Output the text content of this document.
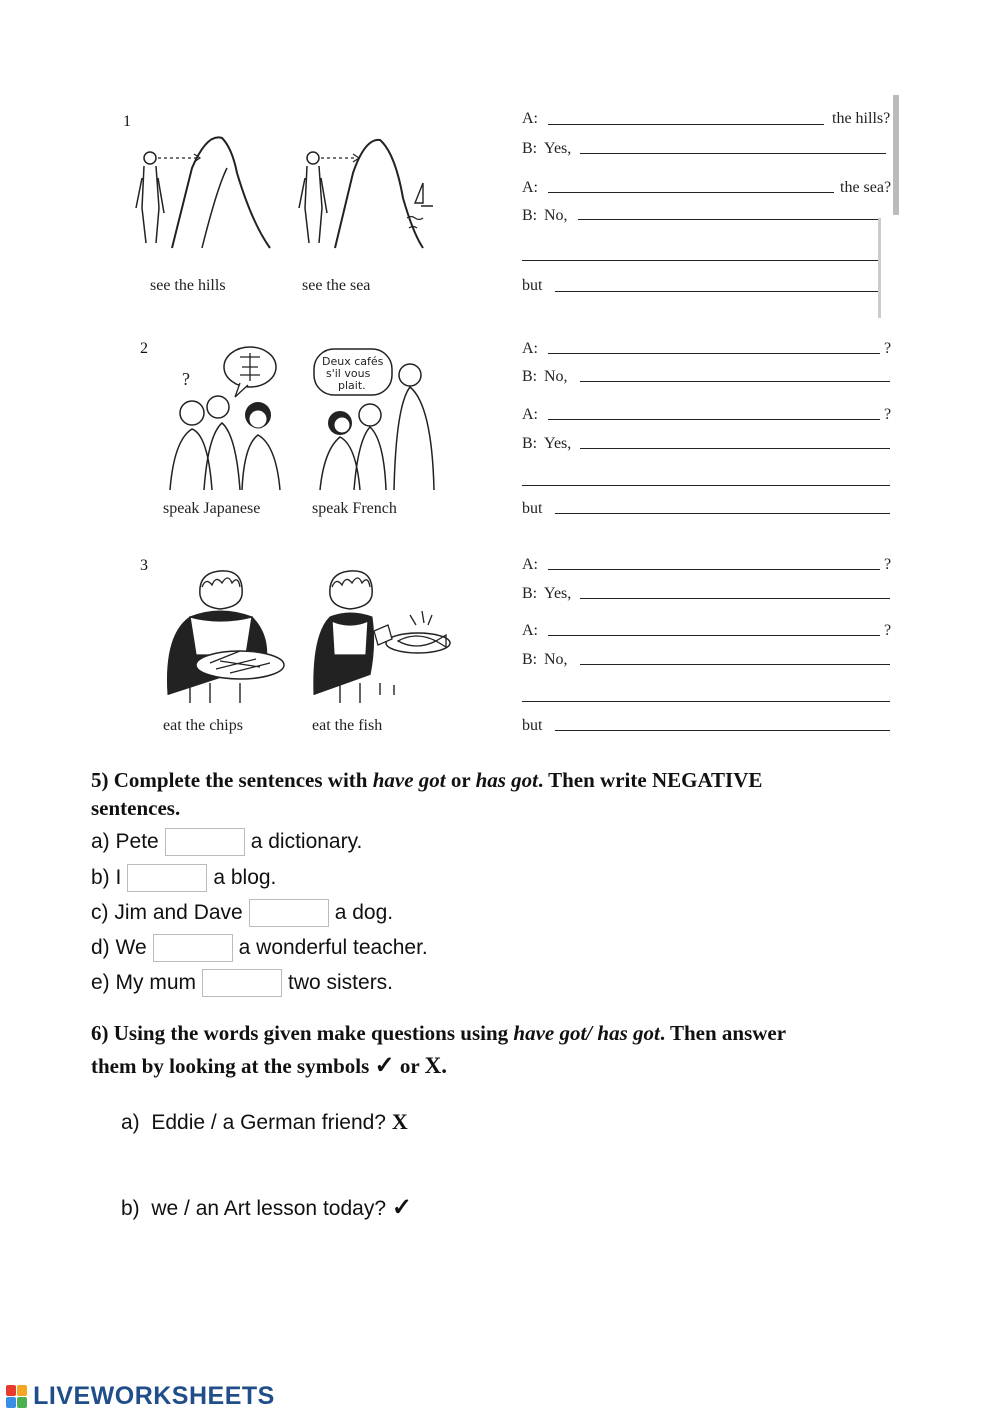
1
see the hills	see the sea
A:	the hills?
B: Yes,
A:	the sea?
B: No,
but
2
?
Deux cafés
s'il vous
plait.
speak Japanese	speak French
A:	?
B: No,
A:	?
B: Yes,
but
3
eat the chips	eat the fish
A:	?
B: Yes,
A:	?
B: No,
but
5) Complete the sentences with have got or has got. Then write NEGATIVE
sentences.
a) Pete	a dictionary.
b) I	a blog.
c) Jim and Dave	a dog.
d) We	a wonderful teacher.
e) My mum	two sisters.
6) Using the words given make questions using have got/ has got. Then answer
them by looking at the symbols ✓ or X.
a) Eddie / a German friend? X
b) we / an Art lesson today? ✓
LIVEWORKSHEETS
